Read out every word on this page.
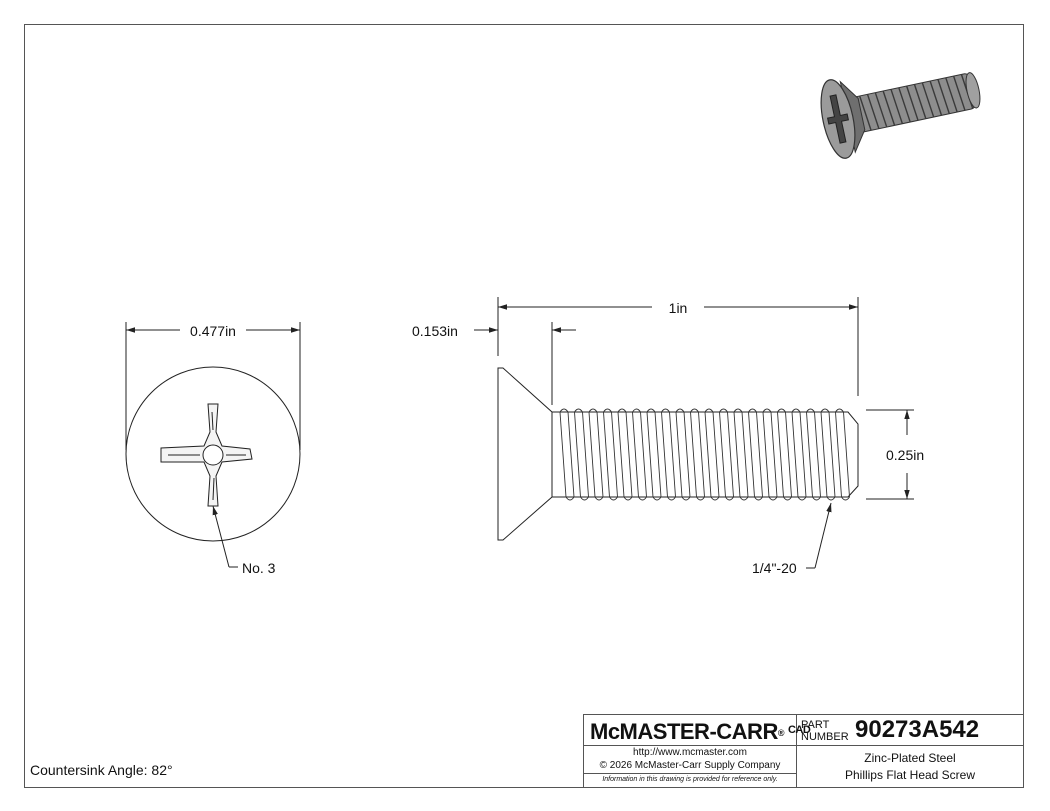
0.477in
No. 3
1in
0.153in
0.25in
1/4"-20
Countersink Angle: 82°
McMASTER-CARR® $^{CAD}$
PART
NUMBER 90273A542
http://www.mcmaster.com
© 2026 McMaster-Carr Supply Company
Information in this drawing is provided for reference only.
Zinc-Plated Steel
Phillips Flat Head Screw
